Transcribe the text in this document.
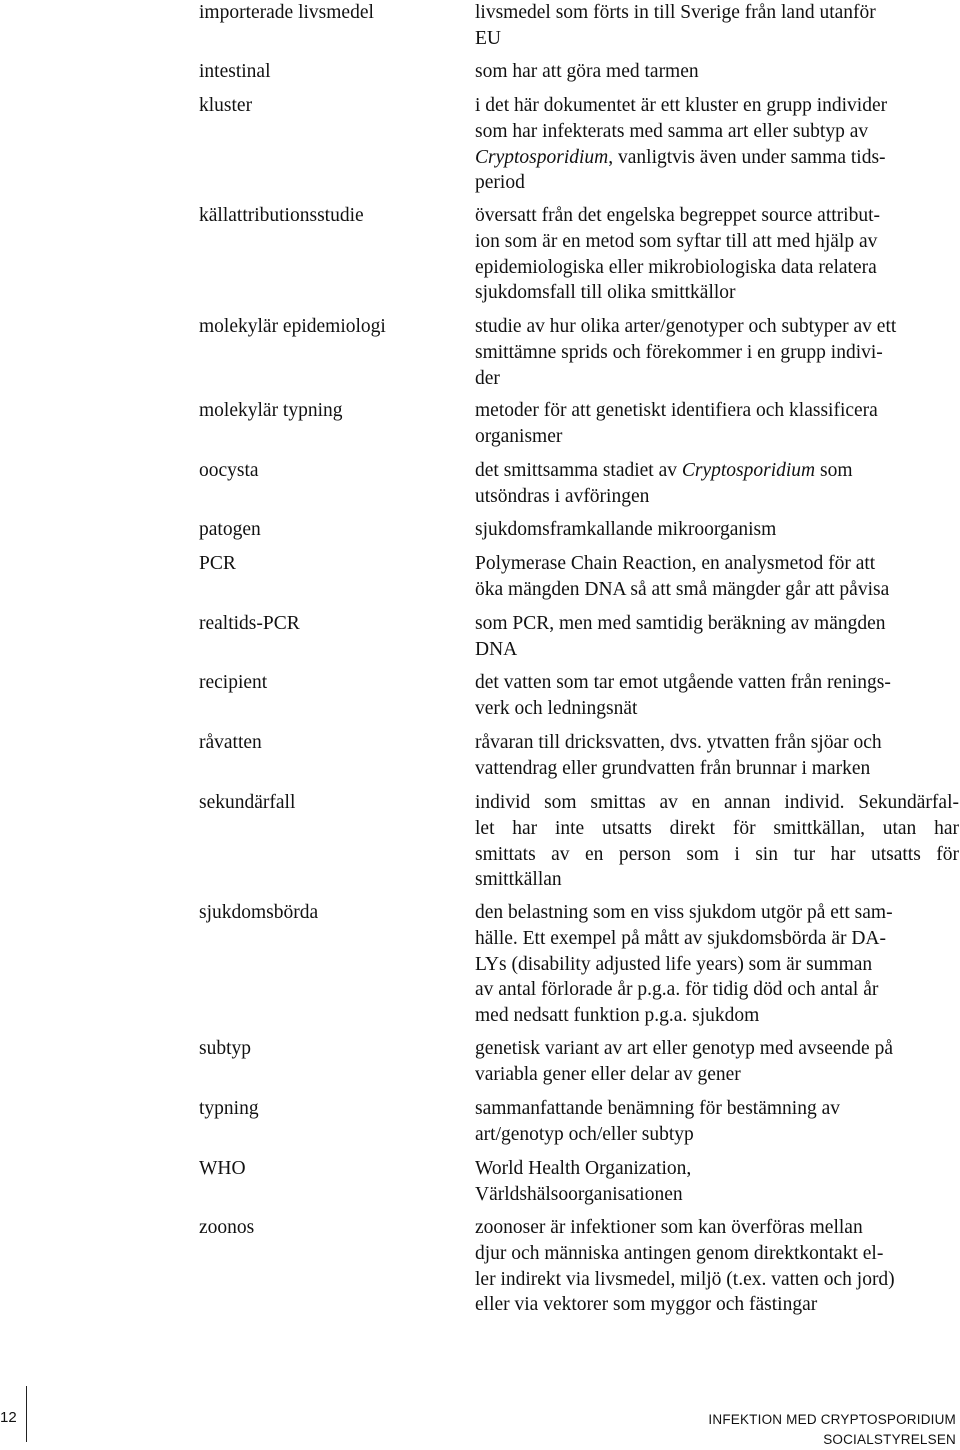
importerade livsmedel	livsmedel som förts in till Sverige från land utanför
EU
intestinal	som har att göra med tarmen
kluster	i det här dokumentet är ett kluster en grupp individer
som har infekterats med samma art eller subtyp av
Cryptosporidium, vanligtvis även under samma tids-
period
källattributionsstudie	översatt från det engelska begreppet source attribut-
ion som är en metod som syftar till att med hjälp av
epidemiologiska eller mikrobiologiska data relatera
sjukdomsfall till olika smittkällor
molekylär epidemiologi	studie av hur olika arter/genotyper och subtyper av ett
smittämne sprids och förekommer i en grupp indivi-
der
molekylär typning	metoder för att genetiskt identifiera och klassificera
organismer
oocysta	det smittsamma stadiet av Cryptosporidium som
utsöndras i avföringen
patogen	sjukdomsframkallande mikroorganism
PCR	Polymerase Chain Reaction, en analysmetod för att
öka mängden DNA så att små mängder går att påvisa
realtids-PCR	som PCR, men med samtidig beräkning av mängden
DNA
recipient	det vatten som tar emot utgående vatten från renings-
verk och ledningsnät
råvatten	råvaran till dricksvatten, dvs. ytvatten från sjöar och
vattendrag eller grundvatten från brunnar i marken
sekundärfall	individ som smittas av en annan individ. Sekundärfal-
let har inte utsatts direkt för smittkällan, utan har
smittats av en person som i sin tur har utsatts för
smittkällan
sjukdomsbörda	den belastning som en viss sjukdom utgör på ett sam-
hälle. Ett exempel på mått av sjukdomsbörda är DA-
LYs (disability adjusted life years) som är summan
av antal förlorade år p.g.a. för tidig död och antal år
med nedsatt funktion p.g.a. sjukdom
subtyp	genetisk variant av art eller genotyp med avseende på
variabla gener eller delar av gener
typning	sammanfattande benämning för bestämning av
art/genotyp och/eller subtyp
WHO	World Health Organization,
Världshälsoorganisationen
zoonos	zoonoser är infektioner som kan överföras mellan
djur och människa antingen genom direktkontakt el-
ler indirekt via livsmedel, miljö (t.ex. vatten och jord)
eller via vektorer som myggor och fästingar
12	INFEKTION MED CRYPTOSPORIDIUM
SOCIALSTYRELSEN
